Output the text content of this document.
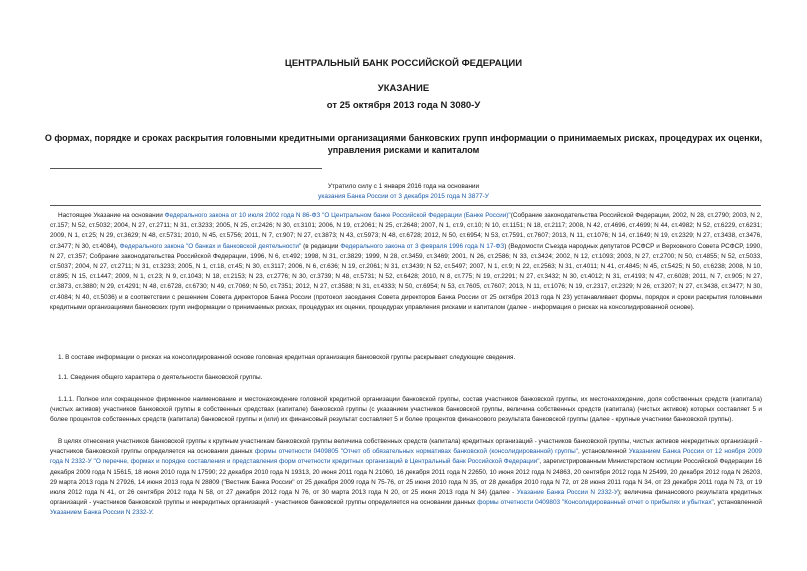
ЦЕНТРАЛЬНЫЙ БАНК РОССИЙСКОЙ ФЕДЕРАЦИИ
УКАЗАНИЕ
от 25 октября 2013 года N 3080-У
О формах, порядке и сроках раскрытия головными кредитными организациями банковских групп информации о принимаемых рисках, процедурах их оценки, управления рисками и капиталом
Утратило силу с 1 января 2016 года на основании
указания Банка России от 3 декабря 2015 года N 3877-У

Настоящее Указание на основании Федерального закона от 10 июля 2002 года N 86-ФЗ "О Центральном банке Российской Федерации (Банке России)"(Собрание законодательства Российской Федерации, 2002, N 28, ст.2790; 2003, N 2, ст.157; N 52, ст.5032; 2004, N 27, ст.2711; N 31, ст.3233; 2005, N 25, ст.2426; N 30, ст.3101; 2006, N 19, ст.2061; N 25, ст.2648; 2007, N 1, ст.9, ст.10; N 10, ст.1151; N 18, ст.2117; 2008, N 42, ст.4696, ст.4699; N 44, ст.4982; N 52, ст.6229, ст.6231; 2009, N 1, ст.25; N 29, ст.3629; N 48, ст.5731; 2010, N 45, ст.5756; 2011, N 7, ст.907; N 27, ст.3873; N 43, ст.5973; N 48, ст.6728; 2012, N 50, ст.6954; N 53, ст.7591, ст.7607; 2013, N 11, ст.1076; N 14, ст.1649; N 19, ст.2329; N 27, ст.3438, ст.3476, ст.3477; N 30, ст.4084), Федерального закона "О банках и банковской деятельности" (в редакции Федерального закона от 3 февраля 1996 года N 17-ФЗ) (Ведомости Съезда народных депутатов РСФСР и Верховного Совета РСФСР, 1990, N 27, ст.357; Собрание законодательства Российской Федерации, 1996, N 6, ст.492; 1998, N 31, ст.3829; 1999, N 28, ст.3459, ст.3469; 2001, N 26, ст.2586; N 33, ст.3424; 2002, N 12, ст.1093; 2003, N 27, ст.2700; N 50, ст.4855; N 52, ст.5033, ст.5037; 2004, N 27, ст.2711; N 31, ст.3233; 2005, N 1, ст.18, ст.45; N 30, ст.3117; 2006, N 6, ст.636; N 19, ст.2061; N 31, ст.3439; N 52, ст.5497; 2007, N 1, ст.9; N 22, ст.2563; N 31, ст.4011; N 41, ст.4845; N 45, ст.5425; N 50, ст.6238; 2008, N 10, ст.895; N 15, ст.1447; 2009, N 1, ст.23; N 9, ст.1043; N 18, ст.2153; N 23, ст.2776; N 30, ст.3739; N 48, ст.5731; N 52, ст.6428; 2010, N 8, ст.775; N 19, ст.2291; N 27, ст.3432; N 30, ст.4012; N 31, ст.4193; N 47, ст.6028; 2011, N 7, ст.905; N 27, ст.3873, ст.3880; N 29, ст.4291; N 48, ст.6728, ст.6730; N 49, ст.7069; N 50, ст.7351; 2012, N 27, ст.3588; N 31, ст.4333; N 50, ст.6954; N 53, ст.7605, ст.7607; 2013, N 11, ст.1076; N 19, ст.2317, ст.2329; N 26, ст.3207; N 27, ст.3438, ст.3477; N 30, ст.4084; N 40, ст.5036) и в соответствии с решением Совета директоров Банка России (протокол заседания Совета директоров Банка России от 25 октября 2013 года N 23) устанавливает формы, порядок и сроки раскрытия головными кредитными организациями банковских групп информации о принимаемых рисках, процедурах их оценки, процедурах управления рисками и капиталом (далее - информация о рисках на консолидированной основе).

1. В составе информации о рисках на консолидированной основе головная кредитная организация банковской группы раскрывает следующие сведения.

1.1. Сведения общего характера о деятельности банковской группы.

1.1.1. Полное или сокращенное фирменное наименование и местонахождение головной кредитной организации банковской группы, состав участников банковской группы, их местонахождение, доля собственных средств (капитала) (чистых активов) участников банковской группы в собственных средствах (капитале) банковской группы (с указанием участников банковской группы, величина собственных средств (капитала) (чистых активов) которых составляет 5 и более процентов собственных средств (капитала) банковской группы и (или) их финансовый результат составляет 5 и более процентов финансового результата банковской группы (далее - крупные участники банковской группы).

В целях отнесения участников банковской группы к крупным участникам банковской группы величина собственных средств (капитала) кредитных организаций - участников банковской группы, чистых активов некредитных организаций - участников банковской группы определяется на основании данных формы отчетности 0409805 "Отчет об обязательных нормативах банковской (консолидированной) группы", установленной Указанием Банка России от 12 ноября 2009 года N 2332-У "О перечне, формах и порядке составления и представления форм отчетности кредитных организаций в Центральный банк Российской Федерации", зарегистрированным Министерством юстиции Российской Федерации 16 декабря 2009 года N 15615, 18 июня 2010 года N 17590; 22 декабря 2010 года N 19313, 20 июня 2011 года N 21060, 16 декабря 2011 года N 22650, 10 июня 2012 года N 24863, 20 сентября 2012 года N 25499, 20 декабря 2012 года N 26203, 29 марта 2013 года N 27926, 14 июня 2013 года N 28809 ("Вестник Банка России" от 25 декабря 2009 года N 75-76, от 25 июня 2010 года N 35, от 28 декабря 2010 года N 72, от 28 июня 2011 года N 34, от 23 декабря 2011 года N 73, от 19 июля 2012 года N 41, от 26 сентября 2012 года N 58, от 27 декабря 2012 года N 76, от 30 марта 2013 года N 20, от 25 июня 2013 года N 34) (далее - Указание Банка России N 2332-У); величина финансового результата кредитных организаций - участников банковской группы и некредитных организаций - участников банковской группы определяется на основании данных формы отчетности 0409803 "Консолидированный отчет о прибылях и убытках", установленной Указанием Банка России N 2332-У.
